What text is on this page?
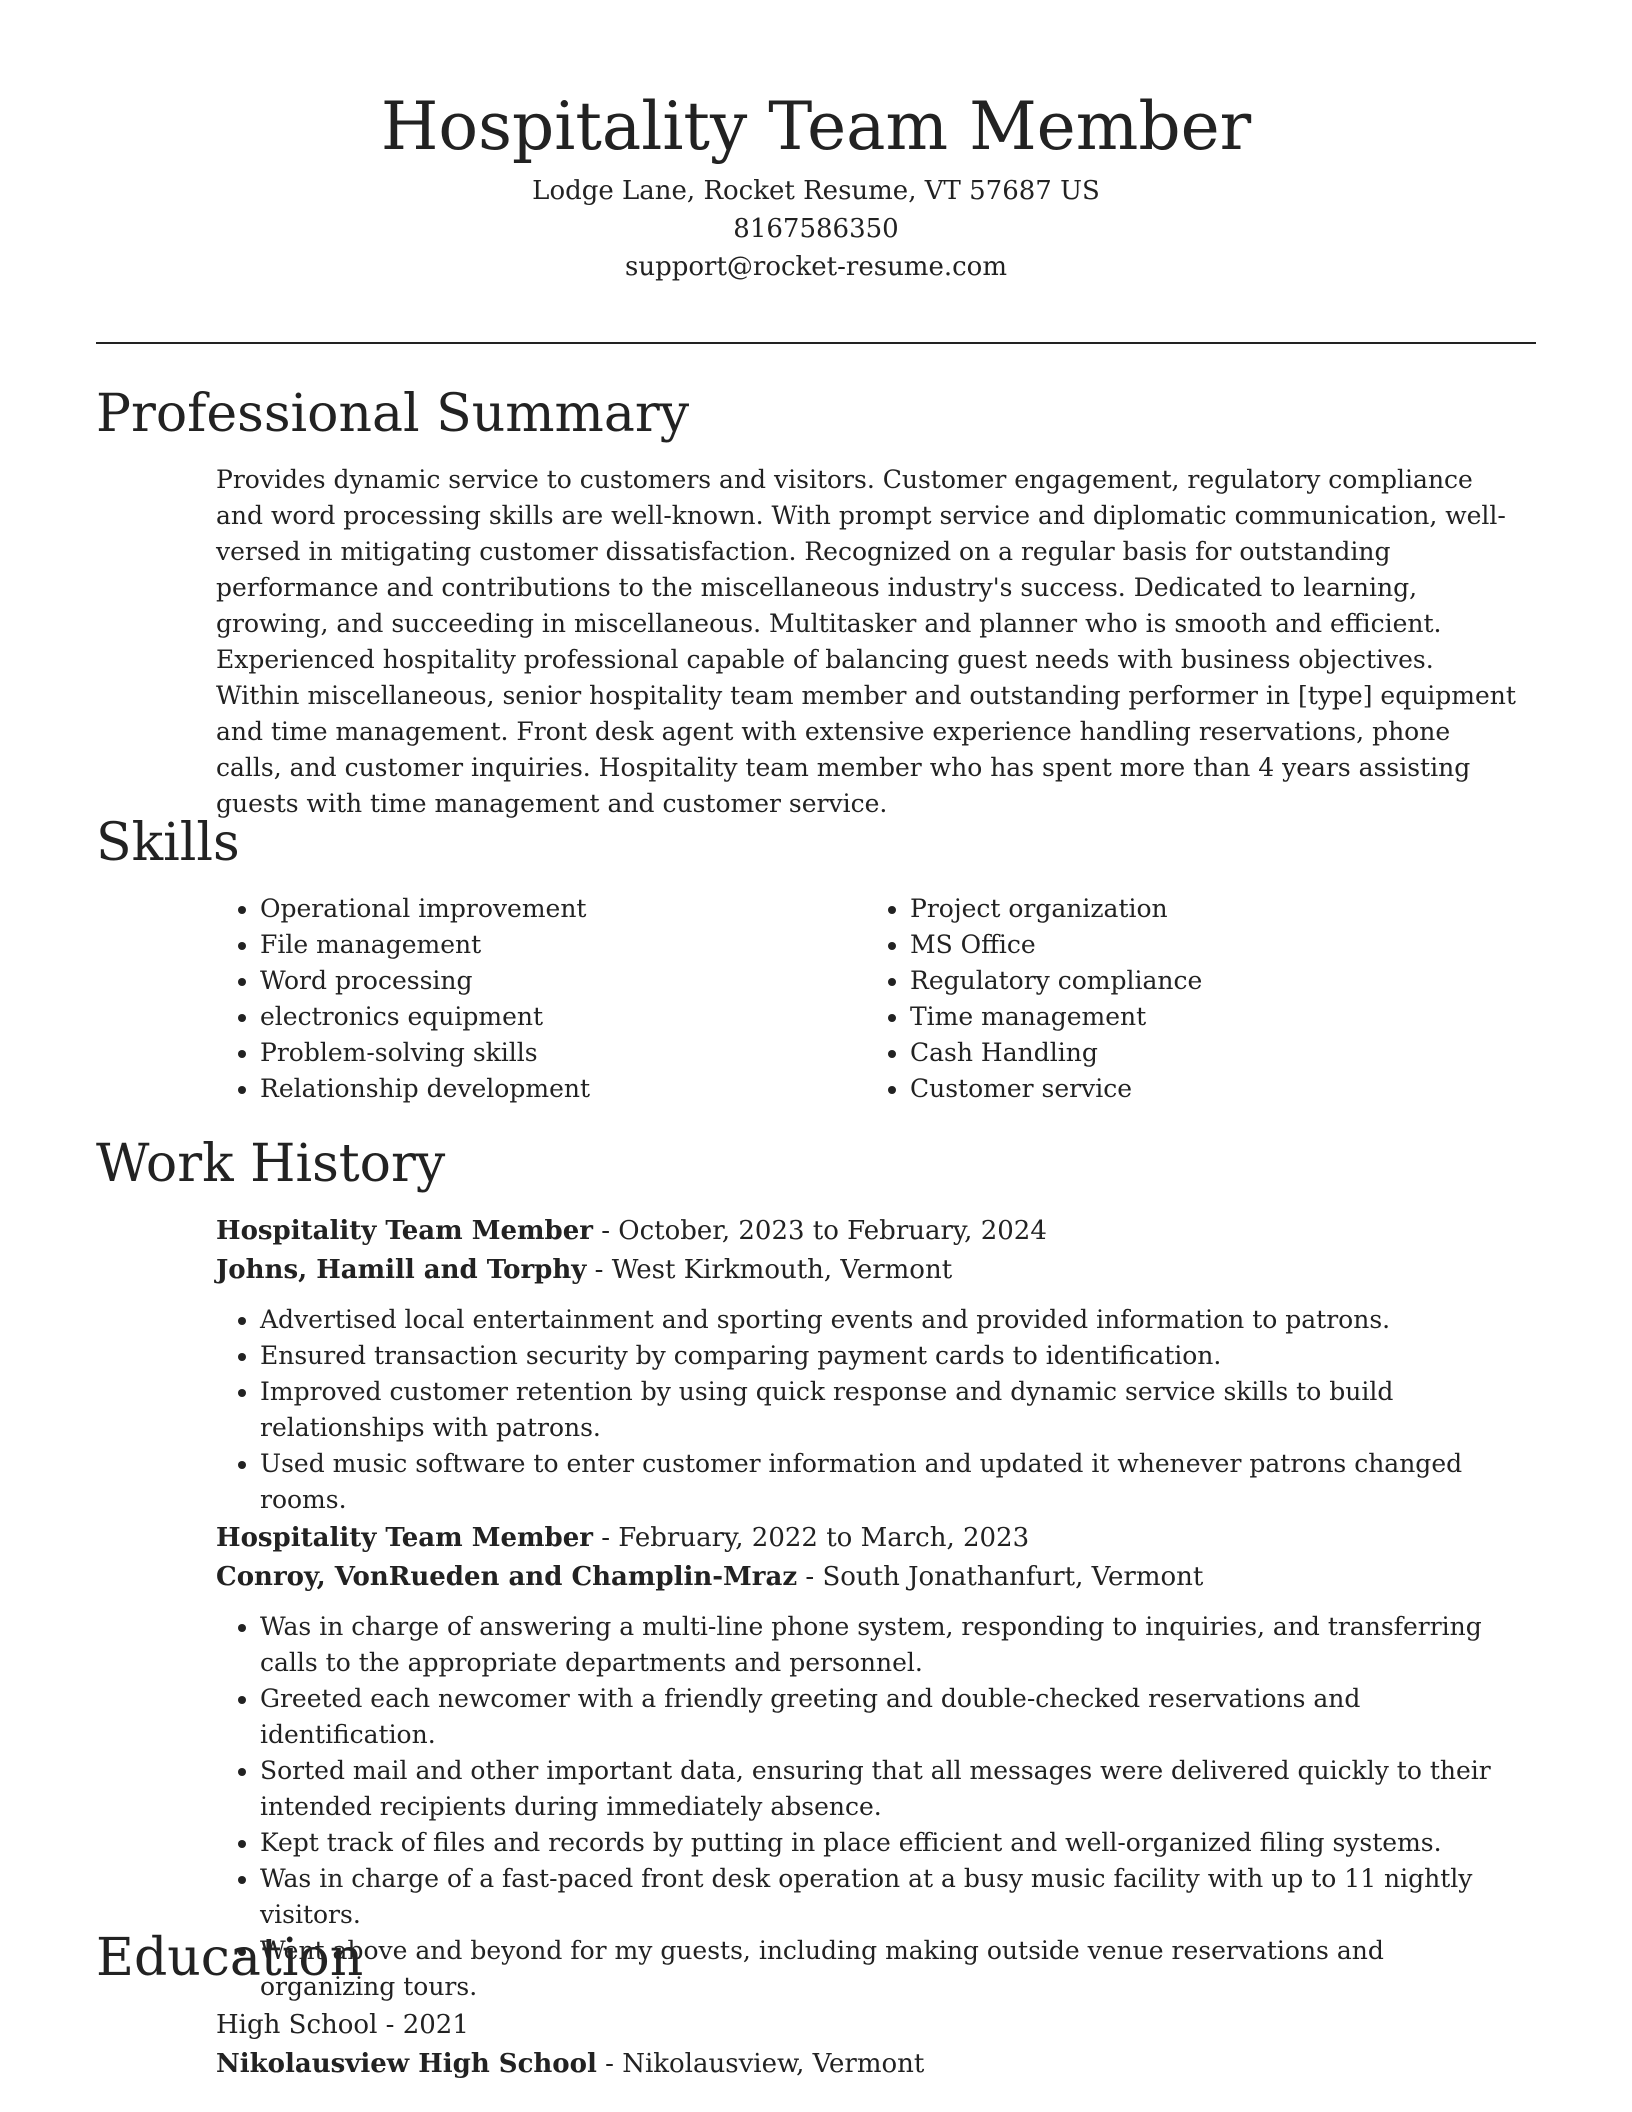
Hospitality Team Member
Lodge Lane, Rocket Resume, VT 57687 US
8167586350
support@rocket-resume.com
Professional Summary
Provides dynamic service to customers and visitors. Customer engagement, regulatory compliance and word processing skills are well-known. With prompt service and diplomatic communication, well-versed in mitigating customer dissatisfaction. Recognized on a regular basis for outstanding performance and contributions to the miscellaneous industry's success. Dedicated to learning, growing, and succeeding in miscellaneous. Multitasker and planner who is smooth and efficient. Experienced hospitality professional capable of balancing guest needs with business objectives. Within miscellaneous, senior hospitality team member and outstanding performer in [type] equipment and time management. Front desk agent with extensive experience handling reservations, phone calls, and customer inquiries. Hospitality team member who has spent more than 4 years assisting guests with time management and customer service.
Skills
• Operational improvement
• File management
• Word processing
• electronics equipment
• Problem-solving skills
• Relationship development
• Project organization
• MS Office
• Regulatory compliance
• Time management
• Cash Handling
• Customer service
Work History
Hospitality Team Member - October, 2023 to February, 2024
Johns, Hamill and Torphy - West Kirkmouth, Vermont
• Advertised local entertainment and sporting events and provided information to patrons.
• Ensured transaction security by comparing payment cards to identification.
• Improved customer retention by using quick response and dynamic service skills to build relationships with patrons.
• Used music software to enter customer information and updated it whenever patrons changed rooms.
Hospitality Team Member - February, 2022 to March, 2023
Conroy, VonRueden and Champlin-Mraz - South Jonathanfurt, Vermont
• Was in charge of answering a multi-line phone system, responding to inquiries, and transferring calls to the appropriate departments and personnel.
• Greeted each newcomer with a friendly greeting and double-checked reservations and identification.
• Sorted mail and other important data, ensuring that all messages were delivered quickly to their intended recipients during immediately absence.
• Kept track of files and records by putting in place efficient and well-organized filing systems.
• Was in charge of a fast-paced front desk operation at a busy music facility with up to 11 nightly visitors.
• Went above and beyond for my guests, including making outside venue reservations and organizing tours.
Education
High School - 2021
Nikolausview High School - Nikolausview, Vermont
